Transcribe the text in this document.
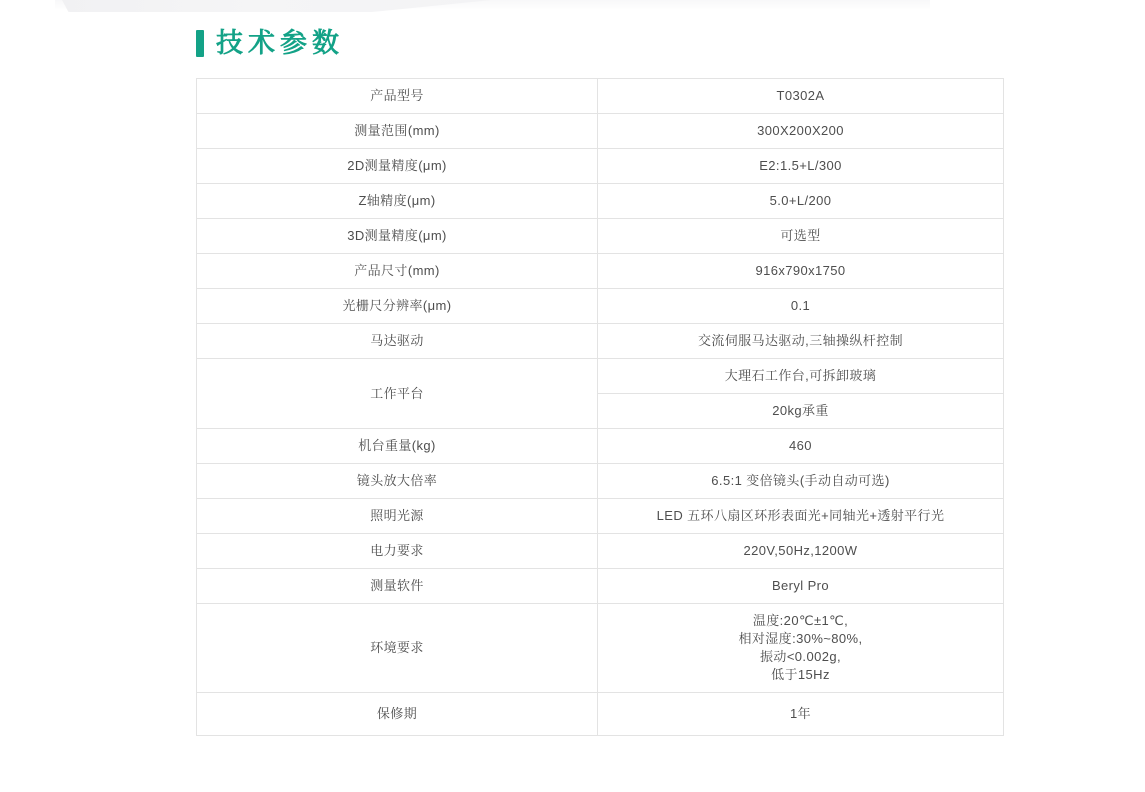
技术参数
产品型号	T0302A
测量范围(mm)	300X200X200
2D测量精度(μm)	E2:1.5+L/300
Z轴精度(μm)	5.0+L/200
3D测量精度(μm)	可选型
产品尺寸(mm)	916x790x1750
光栅尺分辨率(μm)	0.1
马达驱动	交流伺服马达驱动,三轴操纵杆控制
工作平台	大理石工作台,可拆卸玻璃
	20kg承重
机台重量(kg)	460
镜头放大倍率	6.5:1 变倍镜头(手动自动可选)
照明光源	LED 五环八扇区环形表面光+同轴光+透射平行光
电力要求	220V,50Hz,1200W
测量软件	Beryl Pro
环境要求	温度:20℃±1℃,
相对湿度:30%~80%,
振动<0.002g,
低于15Hz
保修期	1年
